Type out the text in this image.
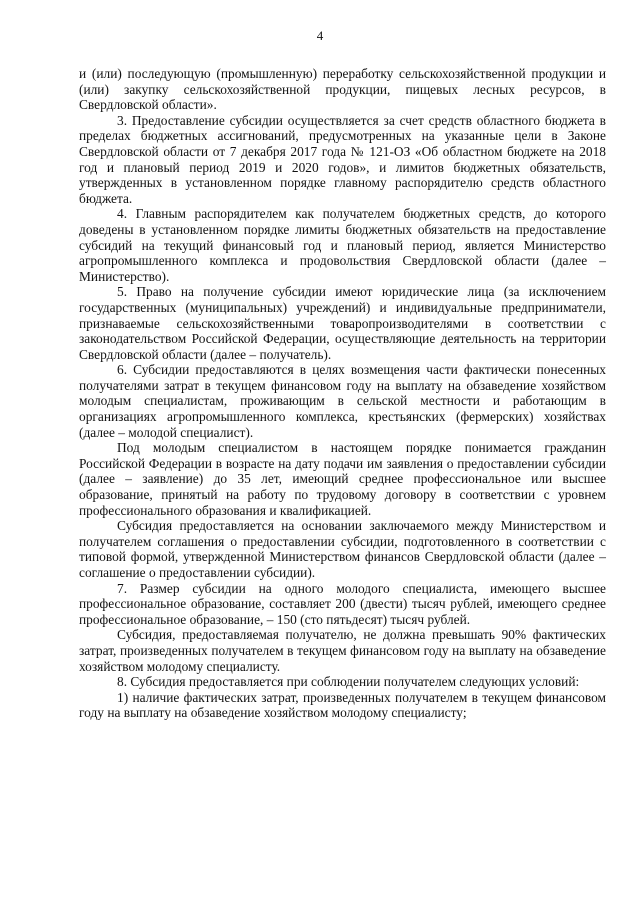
4

и (или) последующую (промышленную) переработку сельскохозяйственной продукции и (или) закупку сельскохозяйственной продукции, пищевых лесных ресурсов, в Свердловской области».

3. Предоставление субсидии осуществляется за счет средств областного бюджета в пределах бюджетных ассигнований, предусмотренных на указанные цели в Законе Свердловской области от 7 декабря 2017 года № 121-ОЗ «Об областном бюджете на 2018 год и плановый период 2019 и 2020 годов», и лимитов бюджетных обязательств, утвержденных в установленном порядке главному распорядителю средств областного бюджета.

4. Главным распорядителем как получателем бюджетных средств, до которого доведены в установленном порядке лимиты бюджетных обязательств на предоставление субсидий на текущий финансовый год и плановый период, является Министерство агропромышленного комплекса и продовольствия Свердловской области (далее – Министерство).

5. Право на получение субсидии имеют юридические лица (за исключением государственных (муниципальных) учреждений) и индивидуальные предприниматели, признаваемые сельскохозяйственными товаропроизводителями в соответствии с законодательством Российской Федерации, осуществляющие деятельность на территории Свердловской области (далее – получатель).

6. Субсидии предоставляются в целях возмещения части фактически понесенных получателями затрат в текущем финансовом году на выплату на обзаведение хозяйством молодым специалистам, проживающим в сельской местности и работающим в организациях агропромышленного комплекса, крестьянских (фермерских) хозяйствах (далее – молодой специалист).

Под молодым специалистом в настоящем порядке понимается гражданин Российской Федерации в возрасте на дату подачи им заявления о предоставлении субсидии (далее – заявление) до 35 лет, имеющий среднее профессиональное или высшее образование, принятый на работу по трудовому договору в соответствии с уровнем профессионального образования и квалификацией.

Субсидия предоставляется на основании заключаемого между Министерством и получателем соглашения о предоставлении субсидии, подготовленного в соответствии с типовой формой, утвержденной Министерством финансов Свердловской области (далее – соглашение о предоставлении субсидии).

7. Размер субсидии на одного молодого специалиста, имеющего высшее профессиональное образование, составляет 200 (двести) тысяч рублей, имеющего среднее профессиональное образование, – 150 (сто пятьдесят) тысяч рублей.

Субсидия, предоставляемая получателю, не должна превышать 90% фактических затрат, произведенных получателем в текущем финансовом году на выплату на обзаведение хозяйством молодому специалисту.

8. Субсидия предоставляется при соблюдении получателем следующих условий:

1) наличие фактических затрат, произведенных получателем в текущем финансовом году на выплату на обзаведение хозяйством молодому специалисту;
